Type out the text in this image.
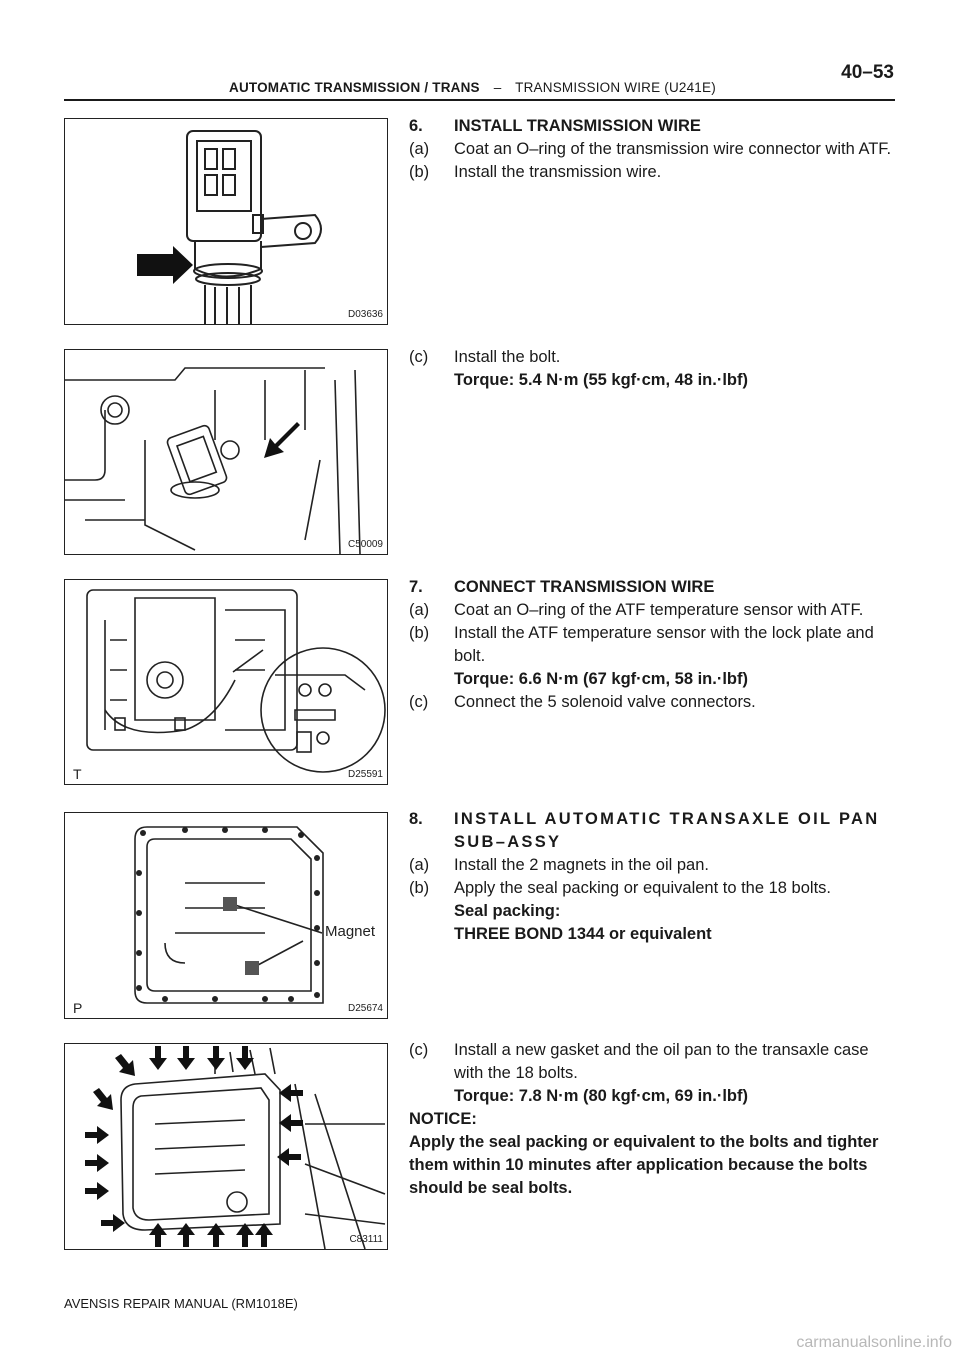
40–53
AUTOMATIC TRANSMISSION / TRANS – TRANSMISSION WIRE (U241E)
D03636
C50009
T	D25591
Magnet
P	D25674
C83111
6. INSTALL TRANSMISSION WIRE
(a) Coat an O–ring of the transmission wire connector with ATF.
(b) Install the transmission wire.
(c) Install the bolt.
Torque: 5.4 N·m (55 kgf·cm, 48 in.·lbf)
7. CONNECT TRANSMISSION WIRE
(a) Coat an O–ring of the ATF temperature sensor with ATF.
(b) Install the ATF temperature sensor with the lock plate and bolt.
Torque: 6.6 N·m (67 kgf·cm, 58 in.·lbf)
(c) Connect the 5 solenoid valve connectors.
8. INSTALL AUTOMATIC TRANSAXLE OIL PAN SUB–ASSY
(a) Install the 2 magnets in the oil pan.
(b) Apply the seal packing or equivalent to the 18 bolts.
Seal packing:
THREE BOND 1344 or equivalent
(c) Install a new gasket and the oil pan to the transaxle case with the 18 bolts.
Torque: 7.8 N·m (80 kgf·cm, 69 in.·lbf)
NOTICE:
Apply the seal packing or equivalent to the bolts and tighter them within 10 minutes after application because the bolts should be seal bolts.
AVENSIS REPAIR MANUAL (RM1018E)
carmanualsonline.info
